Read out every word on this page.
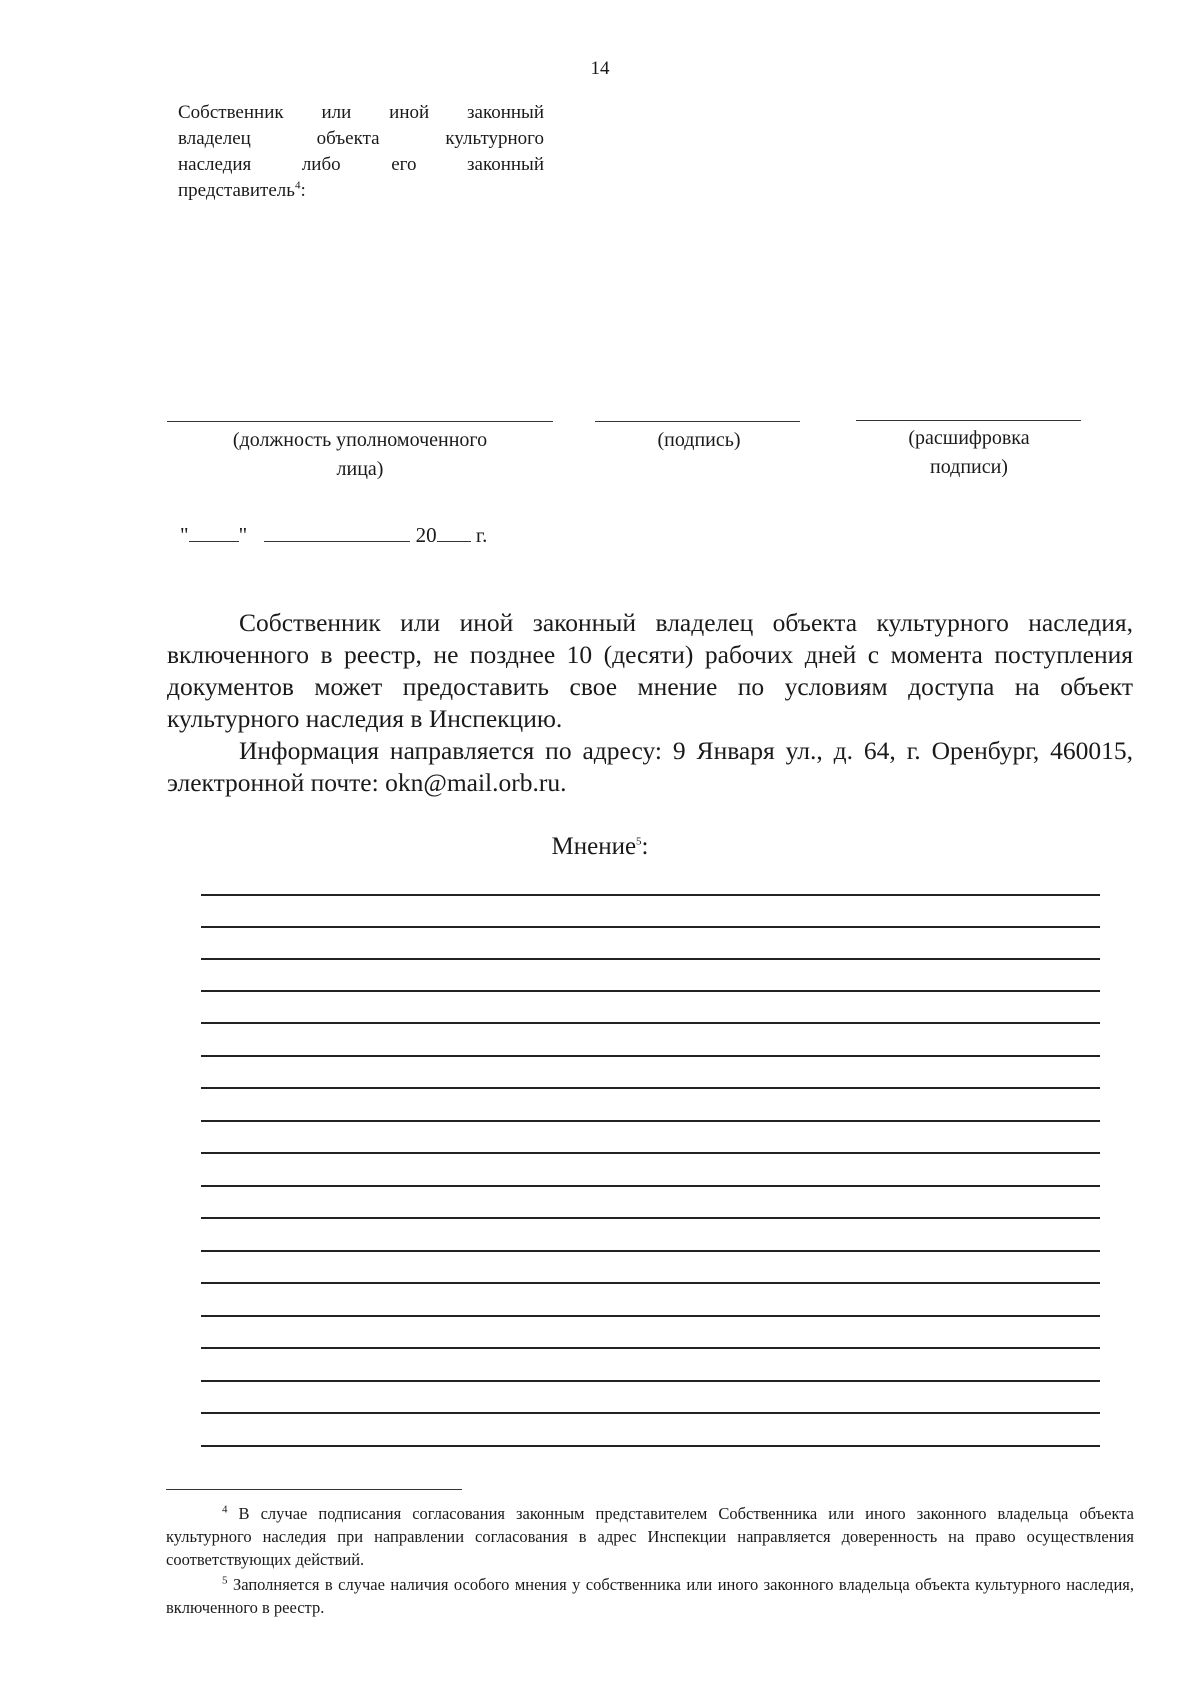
14
Собственник или иной законный
владелец объекта культурного
наследия либо его законный
представитель$^4$:
(должность уполномоченного
лица)
(подпись)	(расшифровка
подписи)
" "	20 г.

Собственник или иной законный владелец объекта культурного наследия, включенного в реестр, не позднее 10 (десяти) рабочих дней с момента поступления документов может предоставить свое мнение по условиям доступа на объект культурного наследия в Инспекцию.

Информация направляется по адресу: 9 Января ул., д. 64, г. Оренбург, 460015, электронной почте: okn@mail.orb.ru.

Мнение$^5$:

$^4$ В случае подписания согласования законным представителем Собственника или иного законного владельца объекта культурного наследия при направлении согласования в адрес Инспекции направляется доверенность на право осуществления соответствующих действий.

$^5$ Заполняется в случае наличия особого мнения у собственника или иного законного владельца объекта культурного наследия, включенного в реестр.
